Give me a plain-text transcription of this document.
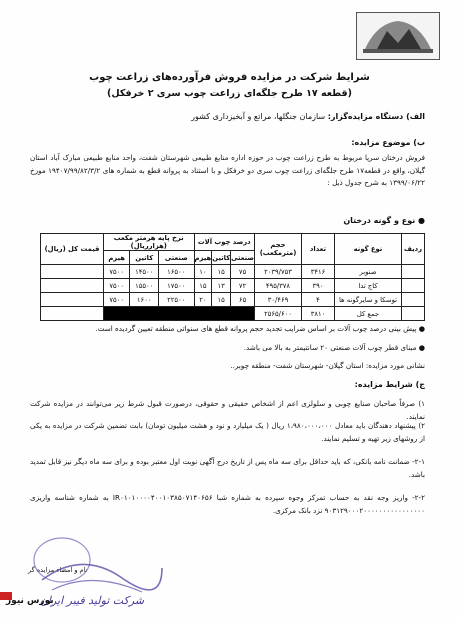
شرایط شرکت در مزایده فروش فرآورده‌های زراعت چوب
(قطعه ۱۷ طرح جلگه‌ای زراعت چوب سری ۲ خرفکل)
الف) دستگاه مزایده‌گزار: سازمان جنگلها، مراتع و آبخیزداری کشور
ب) موضوع مزایده:
فروش درختان سرپا مربوط به طرح زراعت چوب در حوزه اداره منابع طبیعی شهرستان شفت، واحد منابع طبیعی مبارک آباد استان گیلان، واقع در قطعه۱۷ طرح جلگه‌ای زراعت چوب سری دو خرفکل و با استناد به پروانه قطع به شماره های ۱۹۴۰۷/۹۹/۸۲/۳/۲ مورخ ۱۳۹۹/۰۶/۲۲ به شرح جدول ذیل :
● نوع و گونه درختان
ردیف	نوع گونه	تعداد	حجم (مترمکعب)	درصد چوب آلات			نرخ پایه هرمتر مکعب (هزارریال)			قیمت کل (ریال)
				صنعتی	کاتین	هیزم	صنعتی	کاتین	هیزم	
	صنوبر	۳۴۱۶	۲۰۳۹/۷۵۳	۷۵	۱۵	۱۰	۱۶۵۰۰	۱۴۵۰۰	۷۵۰۰	
	کاج تدا	۳۹۰	۴۹۵/۳۷۸	۷۲	۱۳	۱۵	۱۷۵۰۰	۱۵۵۰۰	۷۵۰۰	
	توسکا و سایرگونه ها	۴	۳۰/۴۶۹	۶۵	۱۵	۲۰	۲۲۵۰۰	۱۶۰۰	۷۵۰۰	
	جمع کل	۳۸۱۰	۲۵۶۵/۶۰۰							
● پیش بینی درصد چوب آلات بر اساس ضرایب تجدید حجم پروانه قطع های سنواتی منطقه تعیین گردیده است.
● مبنای قطر چوب آلات صنعتی ۲۰ سانتیمتر به بالا می باشد.
نشانی مورد مزایده: استان گیلان- شهرستان شفت- منطقه چوبر..
ج) شرایط مزایده:
۱) صرفاً صاحبان صنایع چوبی و سلولزی اعم از اشخاص حقیقی و حقوقی، درصورت قبول شرط زیر می‌توانند در مزایده شرکت نمایند.
۲) پیشنهاد دهندگان باید معادل ۱،۹۸۰،۰۰۰،۰۰۰ ریال ( یک میلیارد و نود و هشت میلیون تومان) بابت تضمین شرکت در مزایده به یکی از روشهای زیر تهیه و تسلیم نمایند.
۲-۱- ضمانت نامه بانکی، که باید حداقل برای سه ماه پس از تاریخ درج آگهی نوبت اول معتبر بوده و برای سه ماه دیگر نیز قابل تمدید باشد.
۲-۲- واریز وجه نقد به حساب تمرکز وجوه سپرده به شماره شبا IR۰۱۰۱۰۰۰۰۴۰۰۱۰۳۸۵۰۷۱۴۰۶۵۶ به شماره شناسه واریزی ۹۰۳۱۲۹۰۰۰۲۰۰۰۰۰۰۰۰۰۰۰۰۰۰۰۰ نزد بانک مرکزی.
نام و امضاء مزایده گر
شرکت تولید فیبر ایران
بورس نیوز
